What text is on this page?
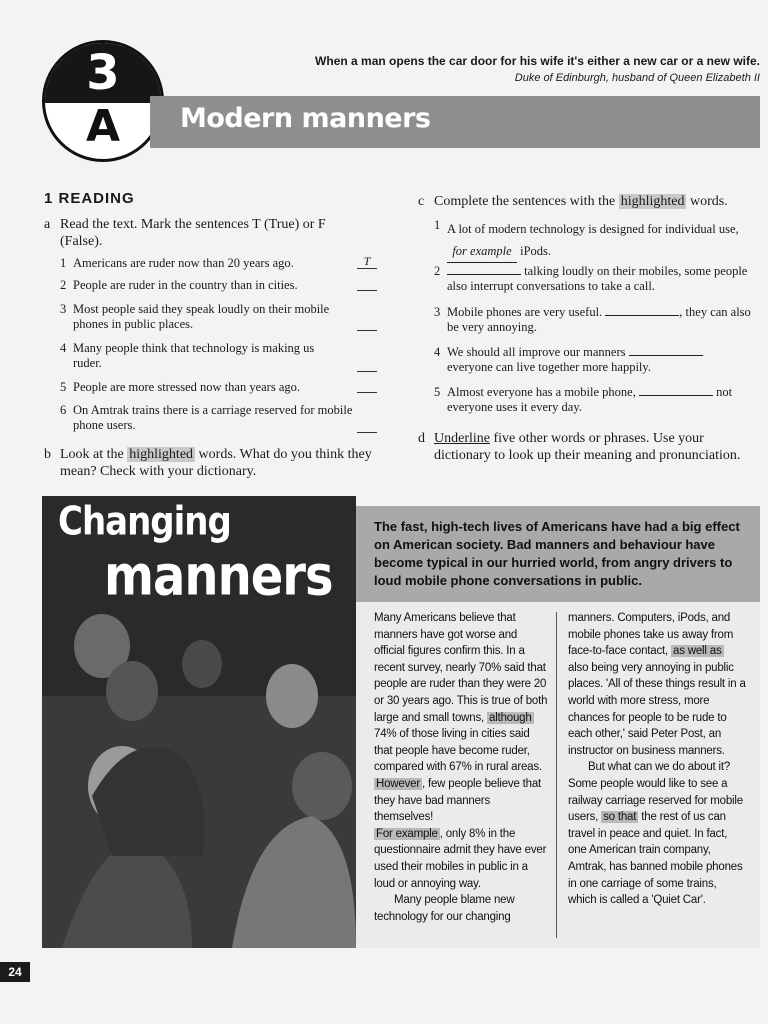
3
A	Modern manners
When a man opens the car door for his wife it's either a new car or a new wife.
Duke of Edinburgh, husband of Queen Elizabeth II
1 READING
a Read the text. Mark the sentences T (True) or F (False).
1 Americans are ruder now than 20 years ago.	T
2 People are ruder in the country than in cities.
3 Most people said they speak loudly on their mobile phones in public places.
4 Many people think that technology is making us ruder.
5 People are more stressed now than years ago.
6 On Amtrak trains there is a carriage reserved for mobile phone users.
b Look at the highlighted words. What do you think they mean? Check with your dictionary.
c Complete the sentences with the highlighted words.
1 A lot of modern technology is designed for individual use, for example iPods.
2	talking loudly on their mobiles, some people also interrupt conversations to take a call.
3 Mobile phones are very useful.	, they can also be very annoying.
4 We should all improve our manners  everyone can live together more happily.
5 Almost everyone has a mobile phone,	not everyone uses it every day.
d Underline five other words or phrases. Use your dictionary to look up their meaning and pronunciation.
Changing
manners
The fast, high-tech lives of Americans have had a big effect on American society. Bad manners and behaviour have become typical in our hurried world, from angry drivers to loud mobile phone conversations in public.
Many Americans believe that manners have got worse and official figures confirm this. In a recent survey, nearly 70% said that people are ruder than they were 20 or 30 years ago. This is true of both large and small towns, although 74% of those living in cities said that people have become ruder, compared with 67% in rural areas. However , few people believe that they have bad manners themselves!
For example , only 8% in the questionnaire admit they have ever used their mobiles in public in a loud or annoying way.
Many people blame new technology for our changing
manners. Computers, iPods, and mobile phones take us away from face-to-face contact, as well as also being very annoying in public places. 'All of these things result in a world with more stress, more chances for people to be rude to each other,' said Peter Post, an instructor on business manners.
But what can we do about it? Some people would like to see a railway carriage reserved for mobile users, so that the rest of us can travel in peace and quiet. In fact, one American train company, Amtrak, has banned mobile phones in one carriage of some trains, which is called a 'Quiet Car'.
24
